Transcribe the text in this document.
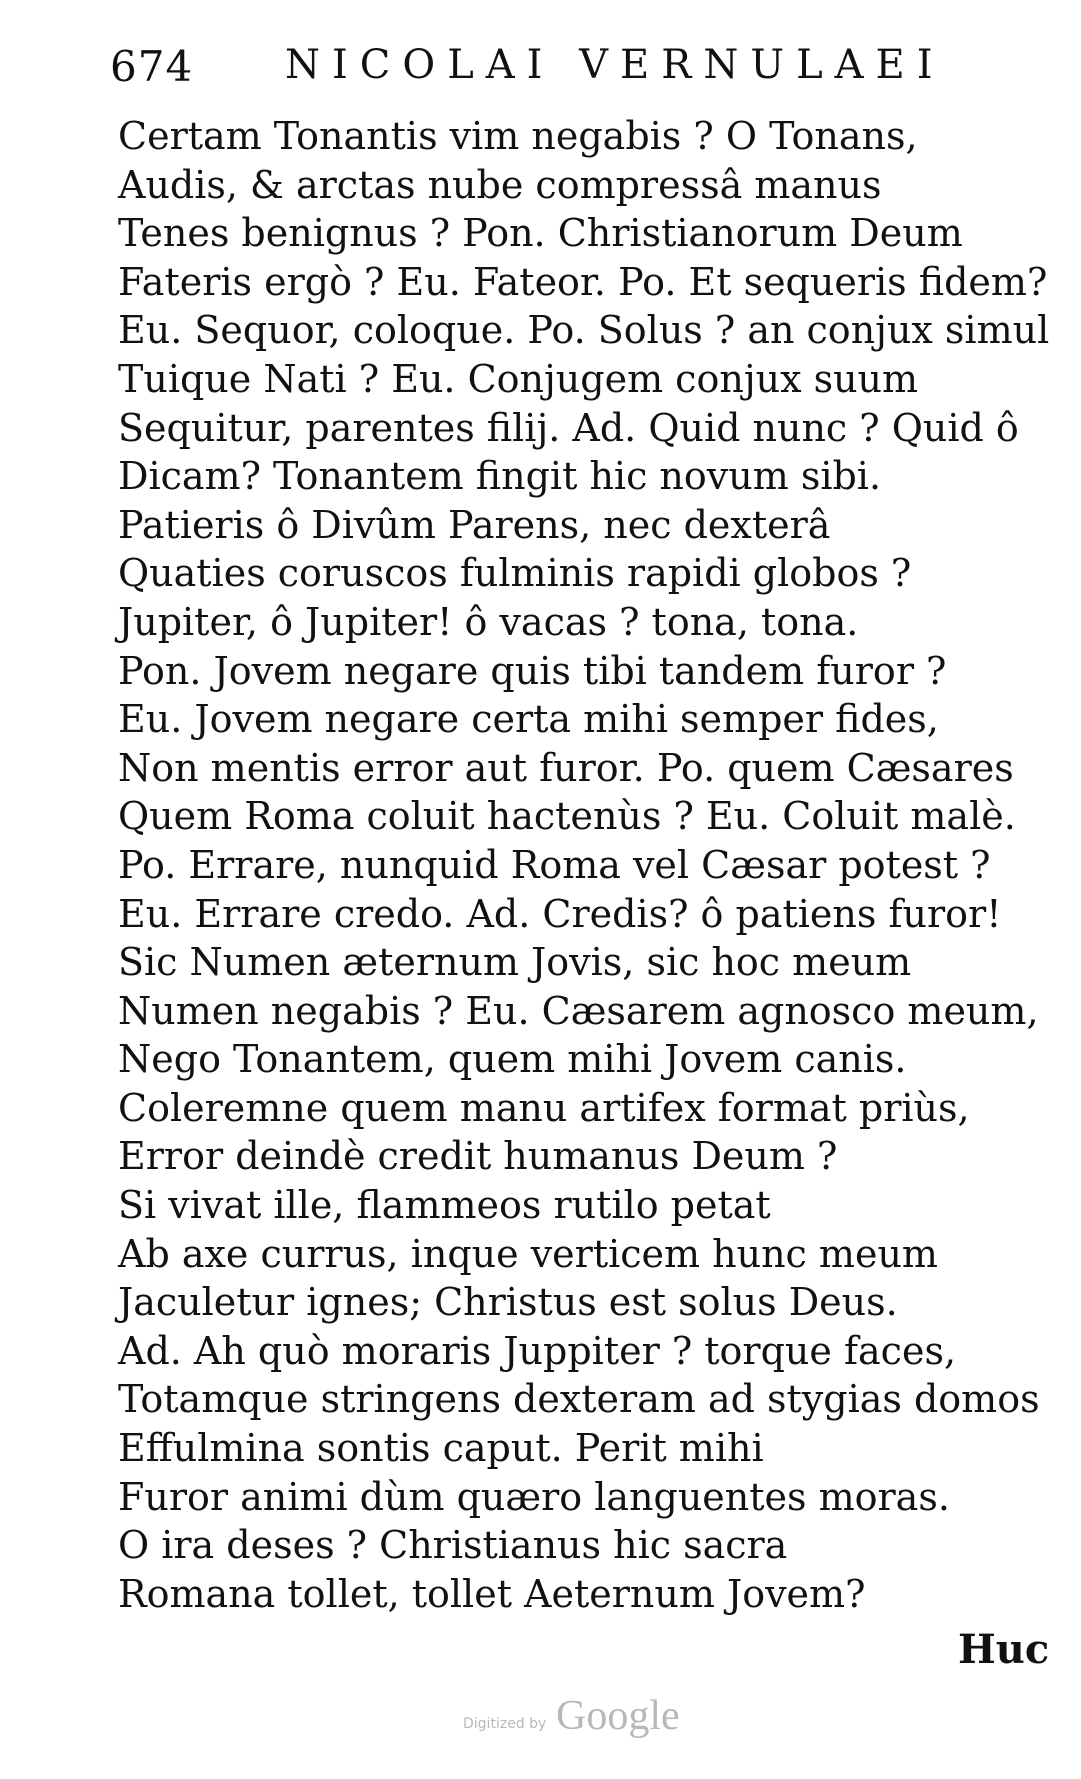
674 NICOLAI VERNULAEI
Certam Tonantis vim negabis ? O Tonans,
Audis, & arctas nube compressâ manus
Tenes benignus ? Pon. Christianorum Deum
Fateris ergò ? Eu. Fateor. Po. Et sequeris fidem?
Eu. Sequor, coloque. Po. Solus ? an conjux simul
Tuique Nati ? Eu. Conjugem conjux suum
Sequitur, parentes filij. Ad. Quid nunc ? Quid ô
Dicam? Tonantem fingit hic novum sibi.
Patieris ô Divûm Parens, nec dexterâ
Quaties coruscos fulminis rapidi globos ?
Jupiter, ô Jupiter! ô vacas ? tona, tona.
Pon. Jovem negare quis tibi tandem furor ?
Eu. Jovem negare certa mihi semper fides,
Non mentis error aut furor. Po. quem Cæsares
Quem Roma coluit hactenùs ? Eu. Coluit malè.
Po. Errare, nunquid Roma vel Cæsar potest ?
Eu. Errare credo. Ad. Credis? ô patiens furor!
Sic Numen æternum Jovis, sic hoc meum
Numen negabis ? Eu. Cæsarem agnosco meum,
Nego Tonantem, quem mihi Jovem canis.
Coleremne quem manu artifex format priùs,
Error deindè credit humanus Deum ?
Si vivat ille, flammeos rutilo petat
Ab axe currus, inque verticem hunc meum
Jaculetur ignes; Christus est solus Deus.
Ad. Ah quò moraris Juppiter ? torque faces,
Totamque stringens dexteram ad stygias domos
Effulmina sontis caput. Perit mihi
Furor animi dùm quæro languentes moras.
O ira deses ? Christianus hic sacra
Romana tollet, tollet Aeternum Jovem?
Huc
Digitized by Google
